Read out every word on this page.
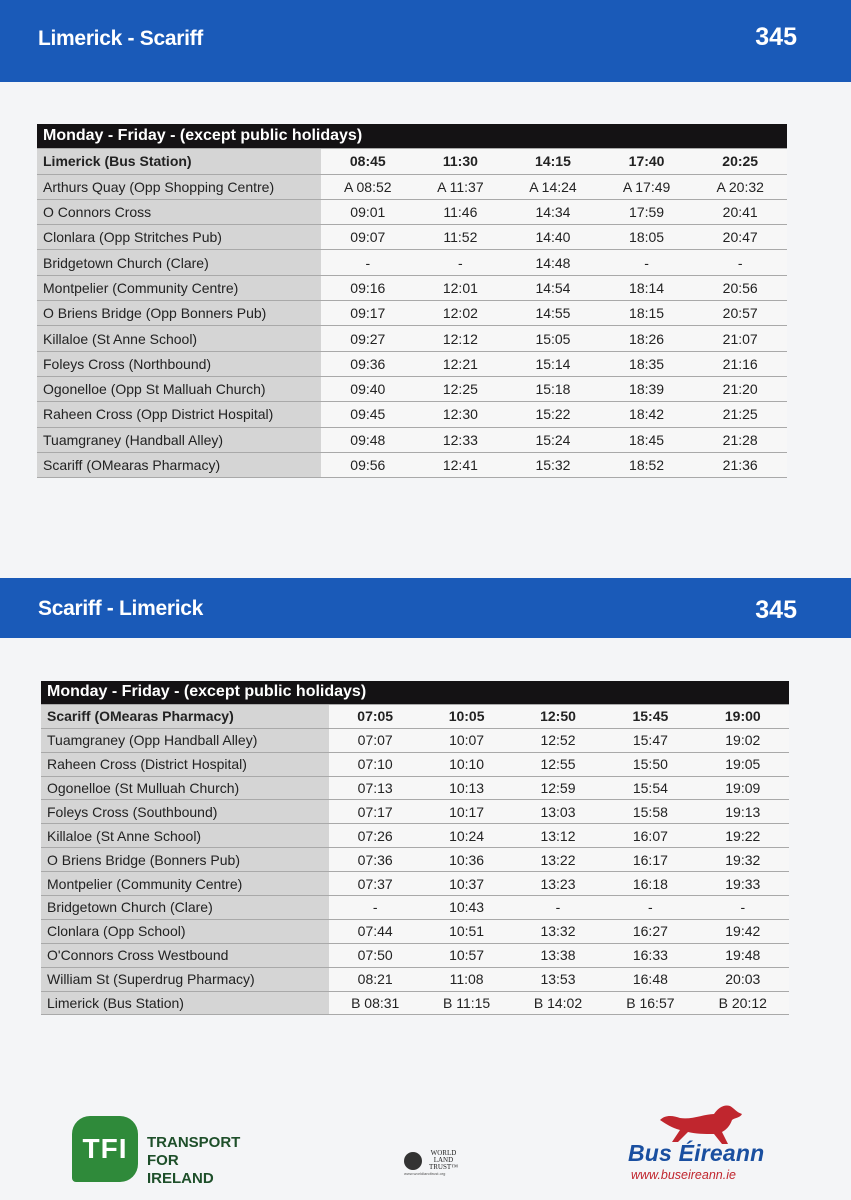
Limerick - Scariff	345
Monday - Friday - (except public holidays)					
Limerick (Bus Station)	08:45	11:30	14:15	17:40	20:25
Arthurs Quay (Opp Shopping Centre)	A 08:52	A 11:37	A 14:24	A 17:49	A 20:32
O Connors Cross	09:01	11:46	14:34	17:59	20:41
Clonlara (Opp Stritches Pub)	09:07	11:52	14:40	18:05	20:47
Bridgetown Church (Clare)	-	-	14:48	-	-
Montpelier (Community Centre)	09:16	12:01	14:54	18:14	20:56
O Briens Bridge (Opp Bonners Pub)	09:17	12:02	14:55	18:15	20:57
Killaloe (St Anne School)	09:27	12:12	15:05	18:26	21:07
Foleys Cross (Northbound)	09:36	12:21	15:14	18:35	21:16
Ogonelloe (Opp St Malluah Church)	09:40	12:25	15:18	18:39	21:20
Raheen Cross (Opp District Hospital)	09:45	12:30	15:22	18:42	21:25
Tuamgraney (Handball Alley)	09:48	12:33	15:24	18:45	21:28
Scariff (OMearas Pharmacy)	09:56	12:41	15:32	18:52	21:36
Scariff - Limerick	345
Monday - Friday - (except public holidays)					
Scariff (OMearas Pharmacy)	07:05	10:05	12:50	15:45	19:00
Tuamgraney (Opp Handball Alley)	07:07	10:07	12:52	15:47	19:02
Raheen Cross (District Hospital)	07:10	10:10	12:55	15:50	19:05
Ogonelloe (St Mulluah Church)	07:13	10:13	12:59	15:54	19:09
Foleys Cross (Southbound)	07:17	10:17	13:03	15:58	19:13
Killaloe (St Anne School)	07:26	10:24	13:12	16:07	19:22
O Briens Bridge (Bonners Pub)	07:36	10:36	13:22	16:17	19:32
Montpelier (Community Centre)	07:37	10:37	13:23	16:18	19:33
Bridgetown Church (Clare)	-	10:43	-	-	-
Clonlara (Opp School)	07:44	10:51	13:32	16:27	19:42
O'Connors Cross Westbound	07:50	10:57	13:38	16:33	19:48
William St (Superdrug Pharmacy)	08:21	11:08	13:53	16:48	20:03
Limerick (Bus Station)	B 08:31	B 11:15	B 14:02	B 16:57	B 20:12
TFI TRANSPORT
FOR
IRELAND
WORLD
LAND
TRUST™
www.worldlandtrust.org
Bus Éireann
www.buseireann.ie
